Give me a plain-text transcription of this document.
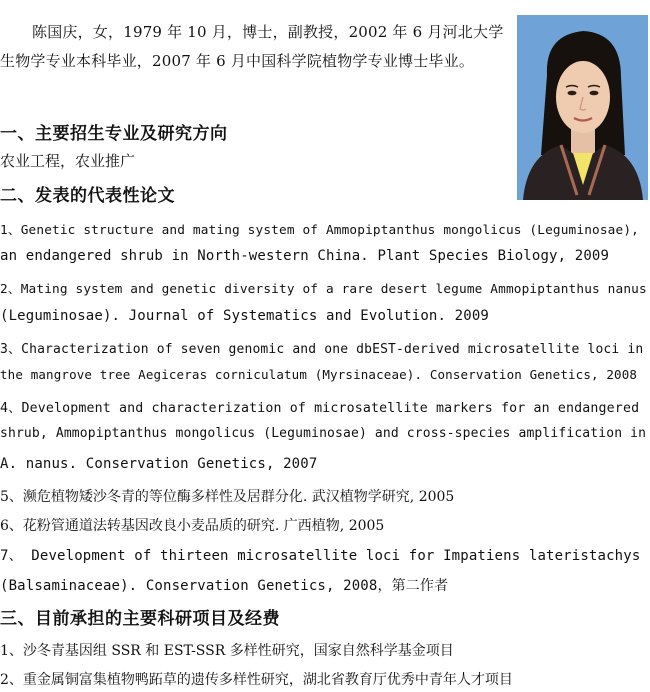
陈国庆，女，1979 年 10 月，博士，副教授，2002 年 6 月河北大学
生物学专业本科毕业，2007 年 6 月中国科学院植物学专业博士毕业。
一、主要招生专业及研究方向
农业工程，农业推广
二、发表的代表性论文
1、Genetic structure and mating system of Ammopiptanthus mongolicus (Leguminosae),
an endangered shrub in North-western China. Plant Species Biology, 2009
2、Mating system and genetic diversity of a rare desert legume Ammopiptanthus nanus
(Leguminosae). Journal of Systematics and Evolution. 2009
3、Characterization of seven genomic and one dbEST-derived microsatellite loci in
the mangrove tree Aegiceras corniculatum (Myrsinaceae). Conservation Genetics, 2008
4、Development and characterization of microsatellite markers for an endangered
shrub, Ammopiptanthus mongolicus (Leguminosae) and cross-species amplification in
A. nanus. Conservation Genetics, 2007
5、濒危植物矮沙冬青的等位酶多样性及居群分化. 武汉植物学研究, 2005
6、花粉管通道法转基因改良小麦品质的研究. 广西植物, 2005
7、 Development of thirteen microsatellite loci for Impatiens lateristachys
(Balsaminaceae). Conservation Genetics, 2008，第二作者
三、目前承担的主要科研项目及经费
1、沙冬青基因组 SSR 和 EST-SSR 多样性研究，国家自然科学基金项目
2、重金属铜富集植物鸭跖草的遗传多样性研究，湖北省教育厅优秀中青年人才项目
